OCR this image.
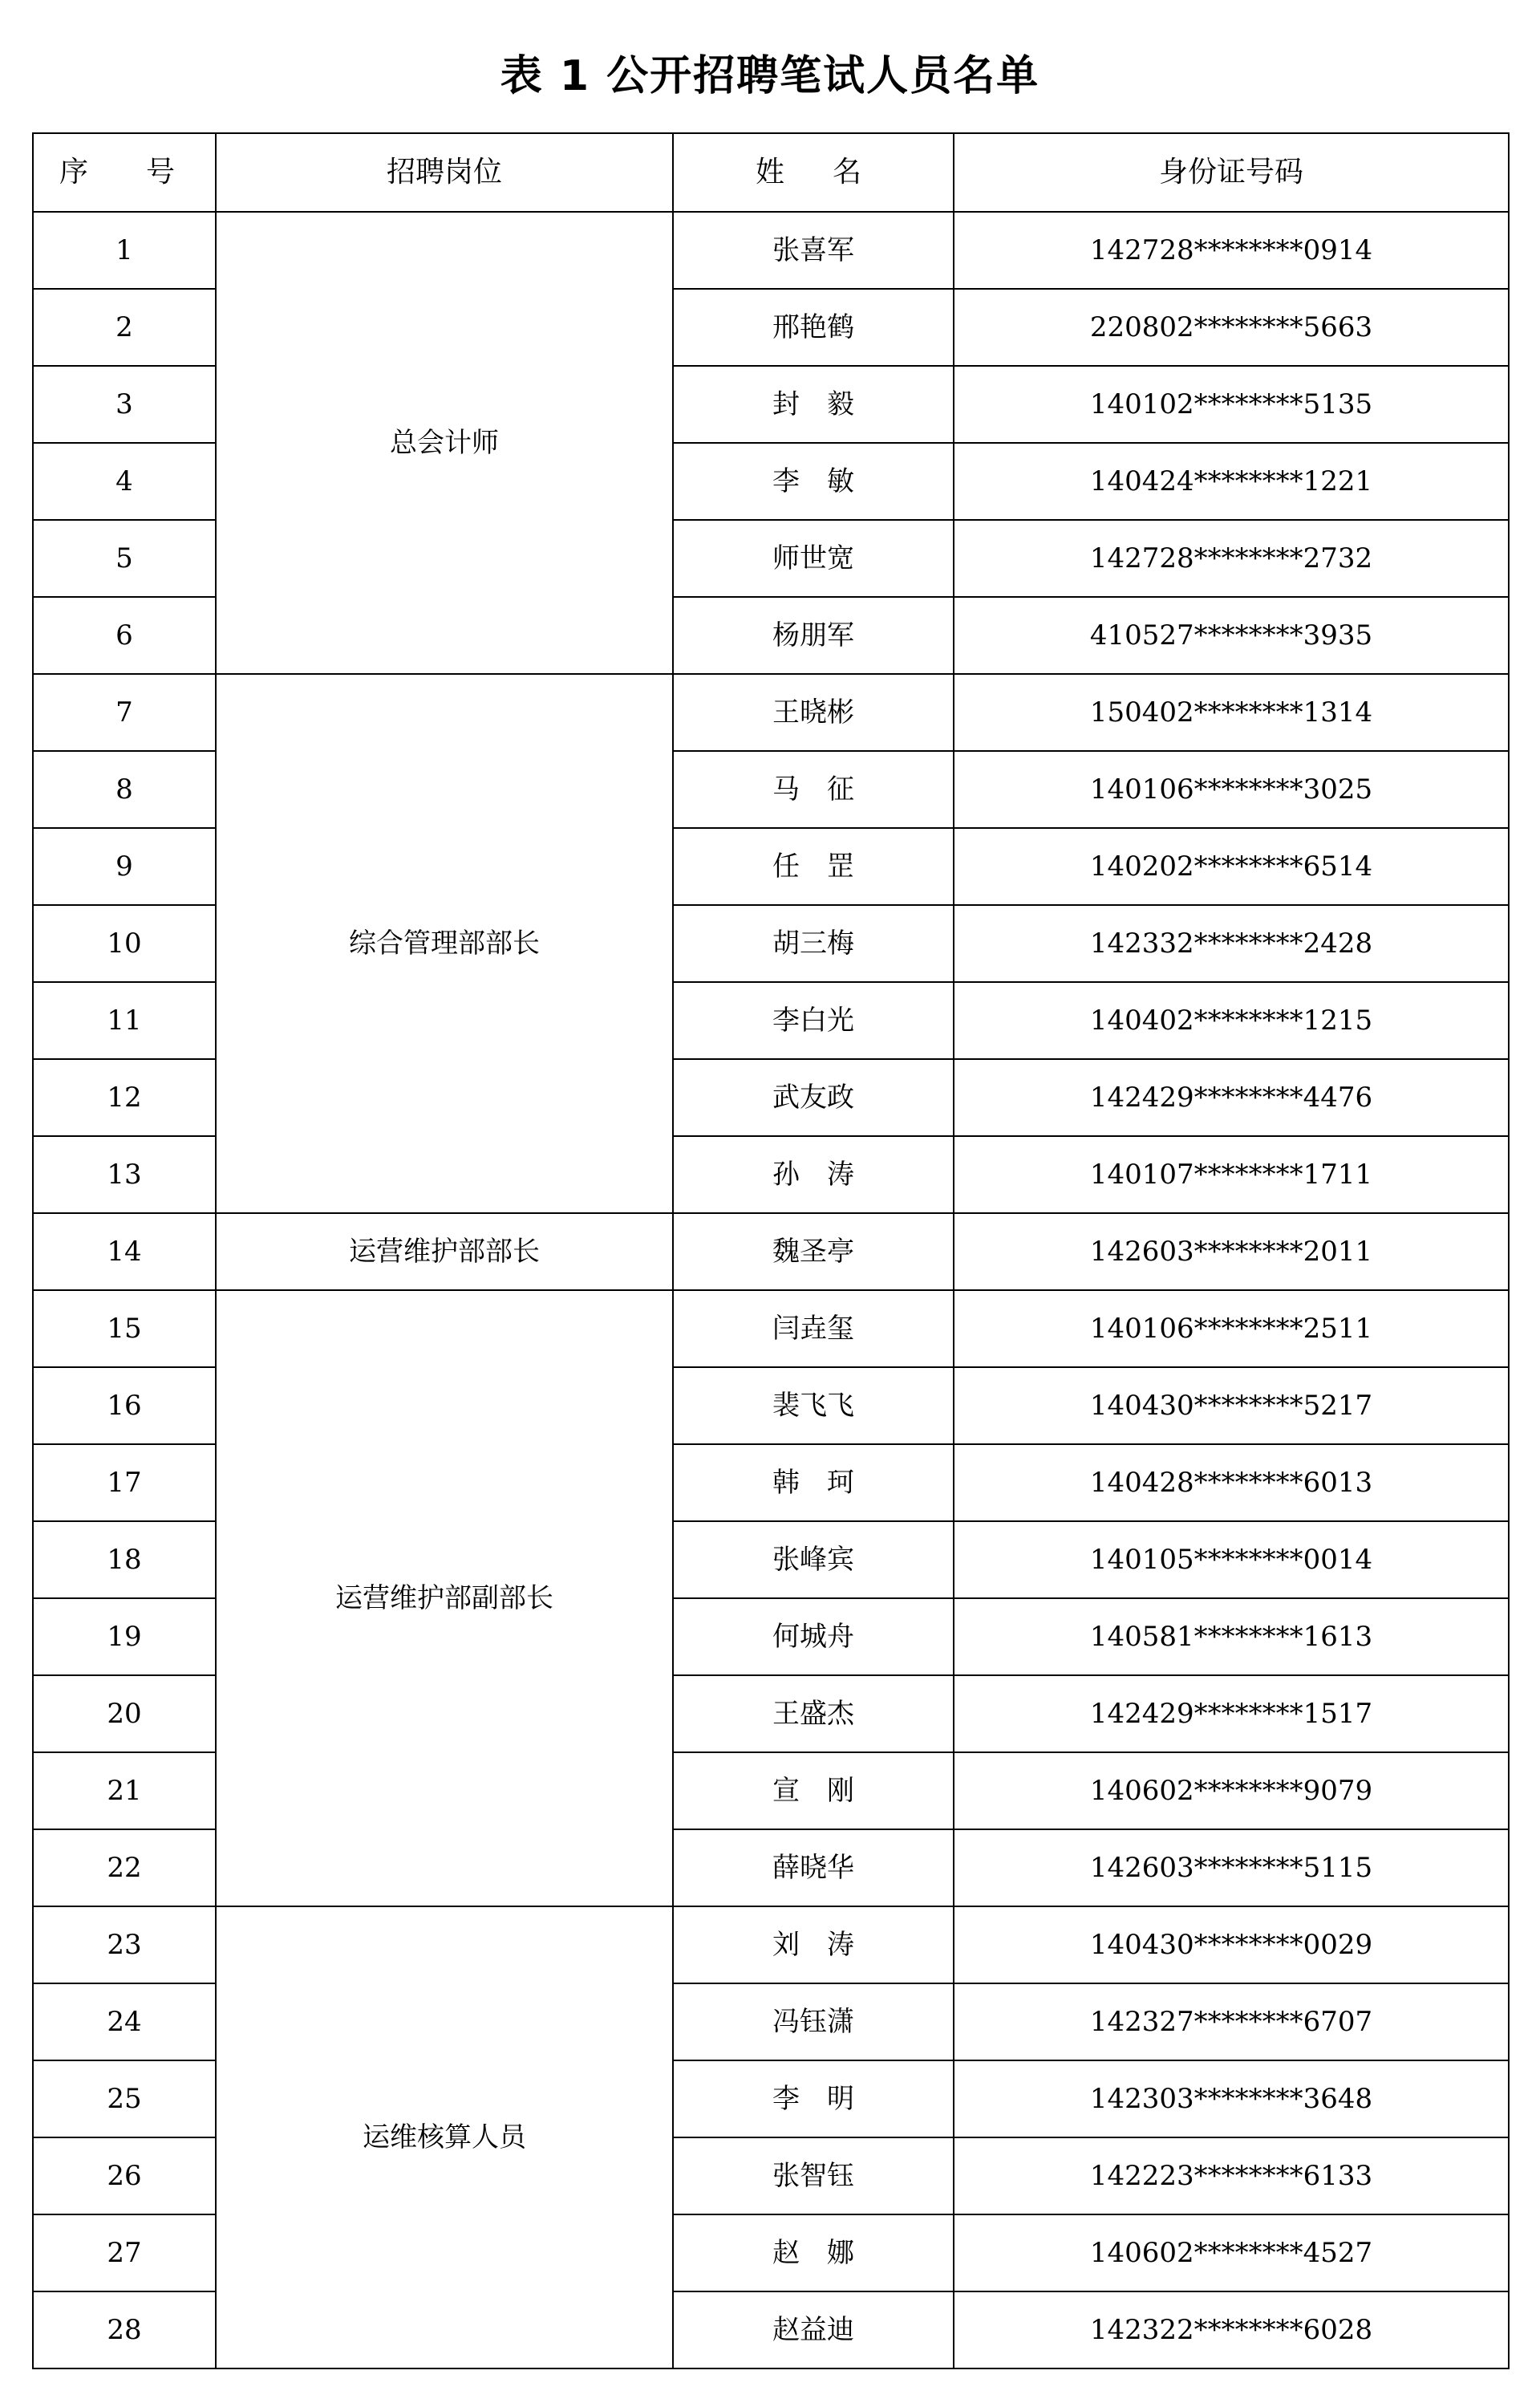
表 1 公开招聘笔试人员名单
序　号	招聘岗位	姓　名	身份证号码
1	总会计师	张喜军	142728********0914
2		邢艳鹤	220802********5663
3		封　毅	140102********5135
4		李　敏	140424********1221
5		师世宽	142728********2732
6		杨朋军	410527********3935
7	综合管理部部长	王晓彬	150402********1314
8		马　征	140106********3025
9		任　罡	140202********6514
10		胡三梅	142332********2428
11		李白光	140402********1215
12		武友政	142429********4476
13		孙　涛	140107********1711
14	运营维护部部长	魏圣亭	142603********2011
15	运营维护部副部长	闫垚玺	140106********2511
16		裴飞飞	140430********5217
17		韩　珂	140428********6013
18		张峰宾	140105********0014
19		何城舟	140581********1613
20		王盛杰	142429********1517
21		宣　刚	140602********9079
22		薛晓华	142603********5115
23	运维核算人员	刘　涛	140430********0029
24		冯钰潇	142327********6707
25		李　明	142303********3648
26		张智钰	142223********6133
27		赵　娜	140602********4527
28		赵益迪	142322********6028
